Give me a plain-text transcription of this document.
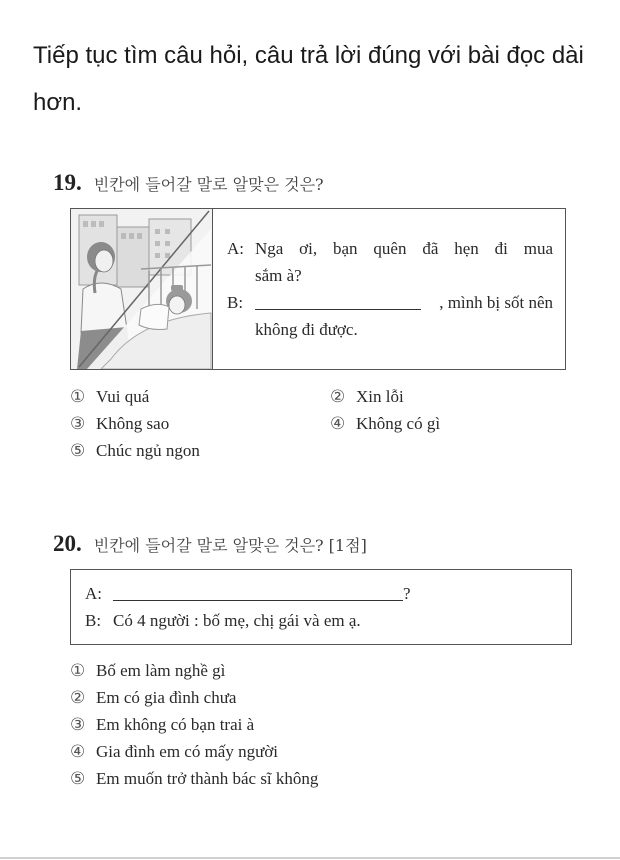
Tiếp tục tìm câu hỏi, câu trả lời đúng với bài đọc dài hơn.
19. 빈칸에 들어갈 말로 알맞은 것은?
A: Nga ơi, bạn quên đã hẹn đi mua
sắm à?
B:	, mình bị sốt nên
không đi được.
① Vui quá	② Xin lỗi
③ Không sao	④ Không có gì
⑤ Chúc ngủ ngon
20. 빈칸에 들어갈 말로 알맞은 것은? [1점]
A:	?
B: Có 4 người : bố mẹ, chị gái và em ạ.
① Bố em làm nghề gì
② Em có gia đình chưa
③ Em không có bạn trai à
④ Gia đình em có mấy người
⑤ Em muốn trở thành bác sĩ không
